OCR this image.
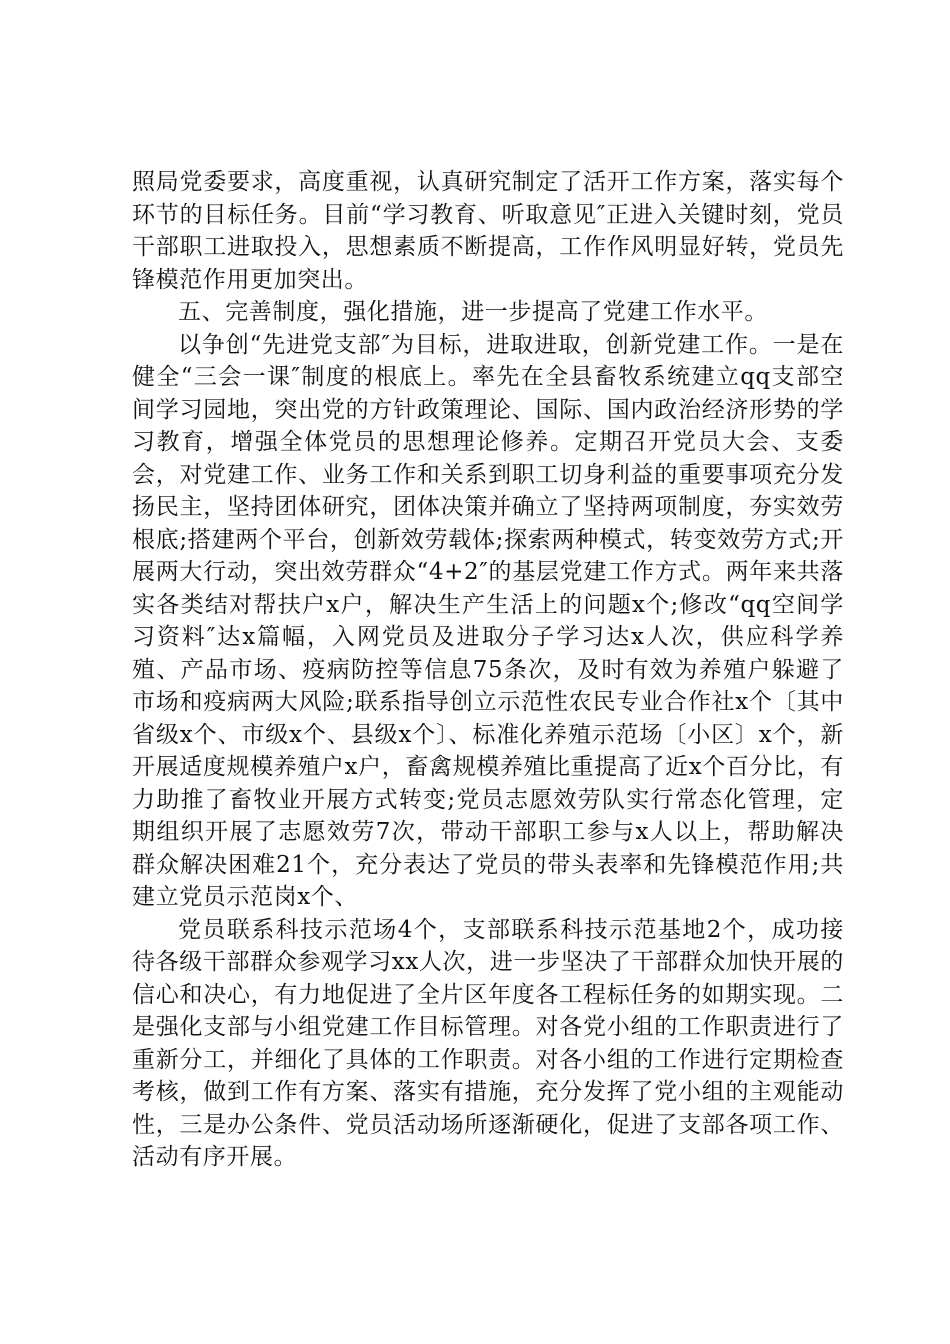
照局党委要求，高度重视，认真研究制定了活开工作方案，落实每个环节的目标任务。目前“学习教育、听取意见″正进入关键时刻，党员干部职工进取投入，思想素质不断提高，工作作风明显好转，党员先锋模范作用更加突出。

五、完善制度，强化措施，进一步提高了党建工作水平。

以争创“先进党支部″为目标，进取进取，创新党建工作。一是在健全“三会一课″制度的根底上。率先在全县畜牧系统建立qq支部空间学习园地，突出党的方针政策理论、国际、国内政治经济形势的学习教育，增强全体党员的思想理论修养。定期召开党员大会、支委会，对党建工作、业务工作和关系到职工切身利益的重要事项充分发扬民主，坚持团体研究，团体决策并确立了坚持两项制度，夯实效劳根底;搭建两个平台，创新效劳载体;探索两种模式，转变效劳方式;开展两大行动，突出效劳群众“4+2″的基层党建工作方式。两年来共落实各类结对帮扶户x户，解决生产生活上的问题x个;修改“qq空间学习资料″达x篇幅，入网党员及进取分子学习达x人次，供应科学养殖、产品市场、疫病防控等信息75条次，及时有效为养殖户躲避了市场和疫病两大风险;联系指导创立示范性农民专业合作社x个〔其中省级x个、市级x个、县级x个〕、标准化养殖示范场〔小区〕x个，新开展适度规模养殖户x户，畜禽规模养殖比重提高了近x个百分比，有力助推了畜牧业开展方式转变;党员志愿效劳队实行常态化管理，定期组织开展了志愿效劳7次，带动干部职工参与x人以上，帮助解决群众解决困难21个，充分表达了党员的带头表率和先锋模范作用;共建立党员示范岗x个、

党员联系科技示范场4个，支部联系科技示范基地2个，成功接待各级干部群众参观学习xx人次，进一步坚决了干部群众加快开展的信心和决心，有力地促进了全片区年度各工程标任务的如期实现。二是强化支部与小组党建工作目标管理。对各党小组的工作职责进行了重新分工，并细化了具体的工作职责。对各小组的工作进行定期检查考核，做到工作有方案、落实有措施，充分发挥了党小组的主观能动性，三是办公条件、党员活动场所逐渐硬化，促进了支部各项工作、活动有序开展。
